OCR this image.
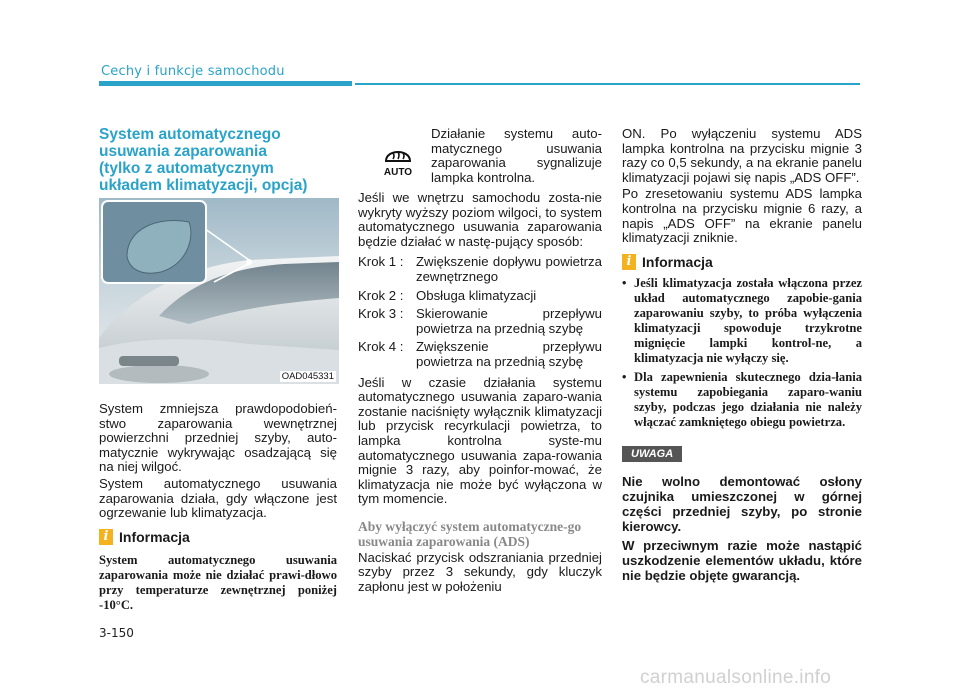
Cechy i funkcje samochodu
System automatycznego
usuwania zaparowania
(tylko z automatycznym
układem klimatyzacji, opcja)
OAD045331

System zmniejsza prawdopodobień-stwo zaparowania wewnętrznej powierzchni przedniej szyby, auto-matycznie wykrywając osadzającą się na niej wilgoć.

System automatycznego usuwania zaparowania działa, gdy włączone jest ogrzewanie lub klimatyzacja.

i Informacja

System automatycznego usuwania zaparowania może nie działać prawi-dłowo przy temperaturze zewnętrznej poniżej -10°C.

AUTO

Działanie systemu auto-matycznego usuwania zaparowania sygnalizuje lampka kontrolna.

Jeśli we wnętrzu samochodu zosta-nie wykryty wyższy poziom wilgoci, to system automatycznego usuwania zaparowania będzie działać w nastę-pujący sposób:

Krok 1 : Zwiększenie dopływu powietrza zewnętrznego
Krok 2 : Obsługa klimatyzacji
Krok 3 : Skierowanie przepływu powietrza na przednią szybę
Krok 4 : Zwiększenie przepływu powietrza na przednią szybę

Jeśli w czasie działania systemu automatycznego usuwania zaparo-wania zostanie naciśnięty wyłącznik klimatyzacji lub przycisk recyrkulacji powietrza, to lampka kontrolna syste-mu automatycznego usuwania zapa-rowania mignie 3 razy, aby poinfor-mować, że klimatyzacja nie może być wyłączona w tym momencie.

Aby wyłączyć system automatyczne-go usuwania zaparowania (ADS)

Naciskać przycisk odszraniania przedniej szyby przez 3 sekundy, gdy kluczyk zapłonu jest w położeniu

ON. Po wyłączeniu systemu ADS lampka kontrolna na przycisku mignie 3 razy co 0,5 sekundy, a na ekranie panelu klimatyzacji pojawi się napis „ADS OFF”.

Po zresetowaniu systemu ADS lampka kontrolna na przycisku mignie 6 razy, a napis „ADS OFF” na ekranie panelu klimatyzacji zniknie.

i Informacja
• Jeśli klimatyzacja została włączona przez układ automatycznego zapobie-gania zaparowaniu szyby, to próba wyłączenia klimatyzacji spowoduje trzykrotne mignięcie lampki kontrol-ne, a klimatyzacja nie wyłączy się.

• Dla zapewnienia skutecznego dzia-łania systemu zapobiegania zaparo-waniu szyby, podczas jego działania nie należy włączać zamkniętego obiegu powietrza.

UWAGA

Nie wolno demontować osłony czujnika umieszczonej w górnej części przedniej szyby, po stronie kierowcy.

W przeciwnym razie może nastąpić uszkodzenie elementów układu, które nie będzie objęte gwarancją.

3-150
carmanualsonline.info
